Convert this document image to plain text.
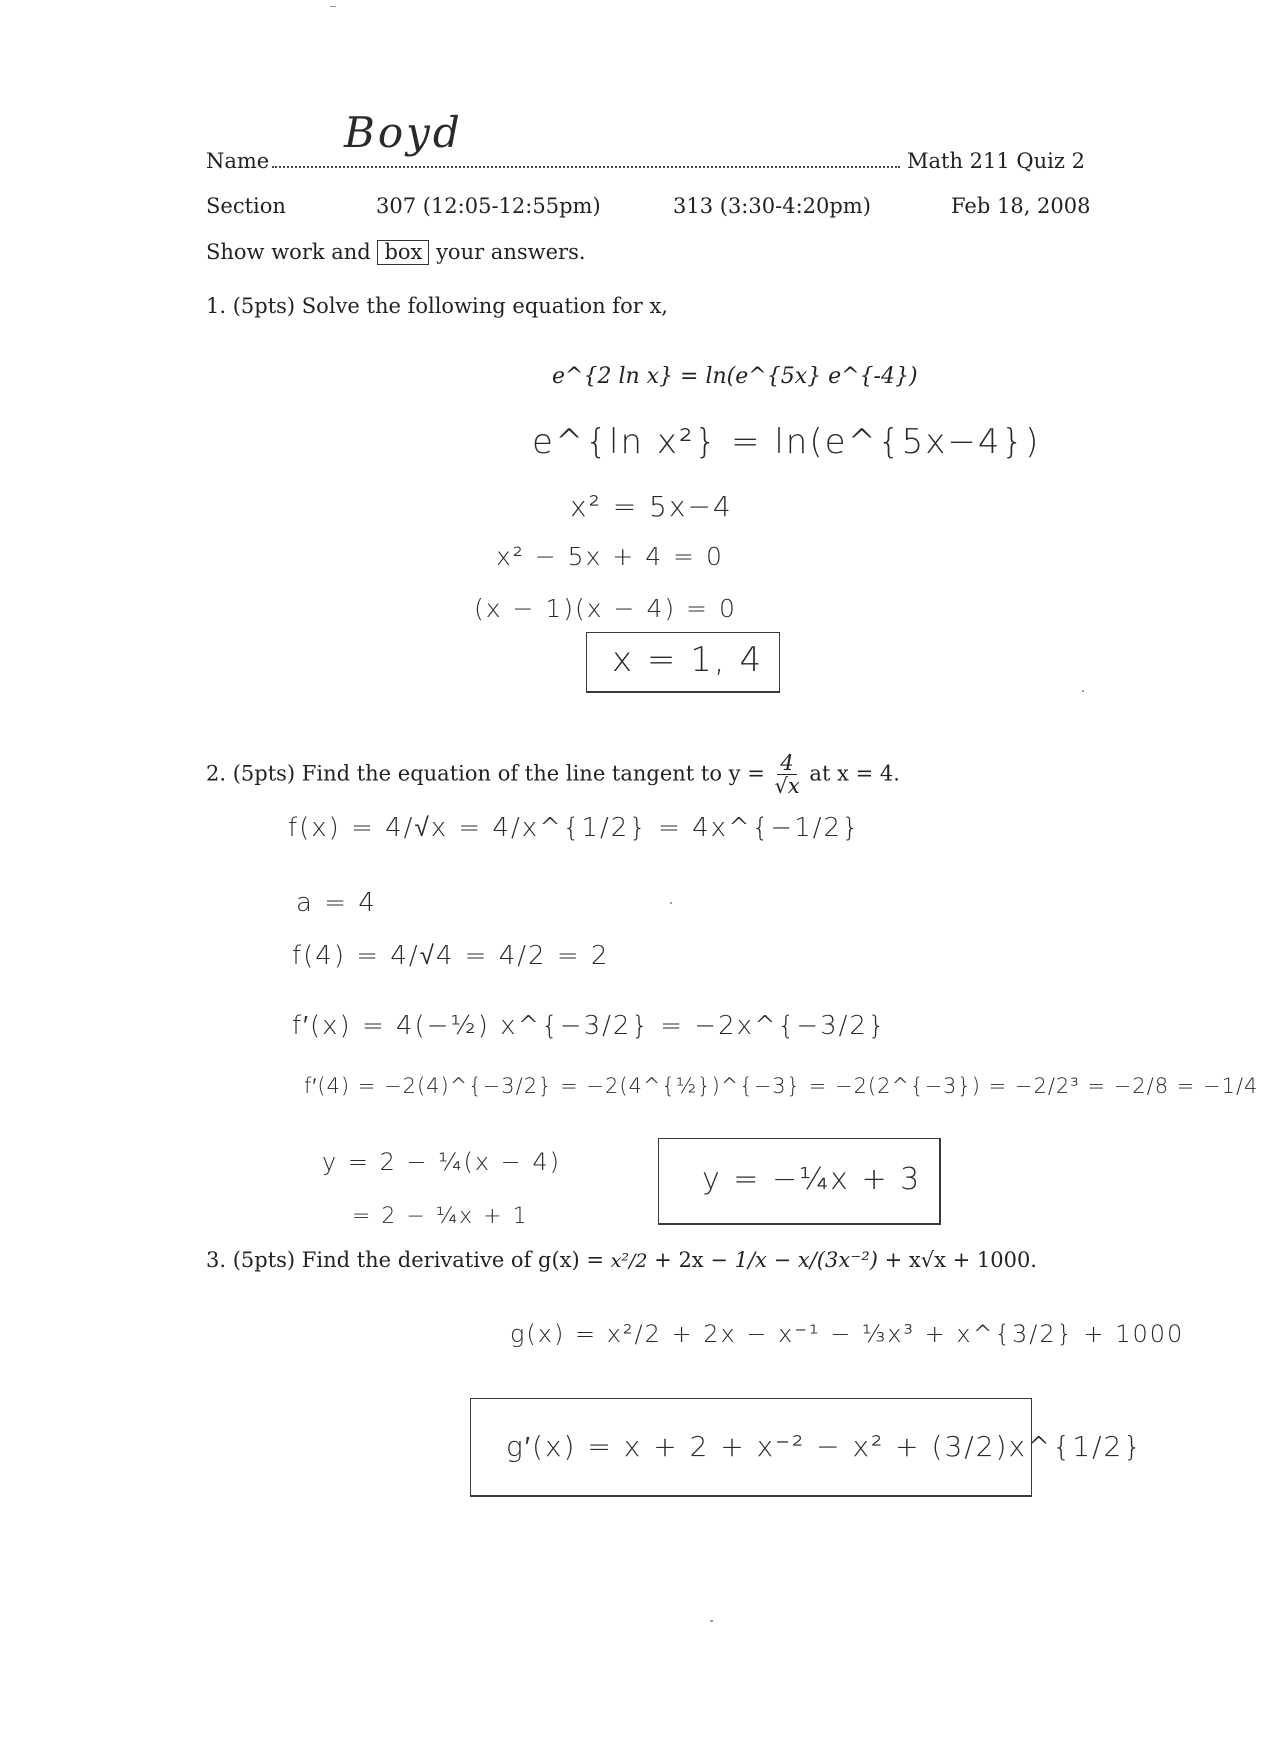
Name
Boyd
Math 211 Quiz 2
Section	307 (12:05-12:55pm)	313 (3:30-4:20pm)	Feb 18, 2008
Show work and box your answers.
1. (5pts) Solve the following equation for x,
e^{2 ln x} = ln(e^{5x} e^{-4})
e^{ln x²} = ln(e^{5x−4})
x² = 5x−4
x² − 5x + 4 = 0
(x − 1)(x − 4) = 0
x = 1, 4
2. (5pts) Find the equation of the line tangent to $y = \frac{4}{√x}$ at x = 4.
f(x) = 4/√x = 4/x^{1/2} = 4x^{−1/2}
a = 4
f(4) = 4/√4 = 4/2 = 2
f′(x) = 4(−½) x^{−3/2} = −2x^{−3/2}
f′(4) = −2(4)^{−3/2} = −2(4^{½})^{−3} = −2(2^{−3}) = −2/2³ = −2/8 = −1/4
y = 2 − ¼(x − 4)
= 2 − ¼x + 1
y = −¼x + 3
3. (5pts) Find the derivative of g(x) = x²/2 + 2x − 1/x − x/(3x⁻²) + x√x + 1000.
g(x) = x²/2 + 2x − x⁻¹ − ⅓x³ + x^{3/2} + 1000
g′(x) = x + 2 + x⁻² − x² + (3/2)x^{1/2}
